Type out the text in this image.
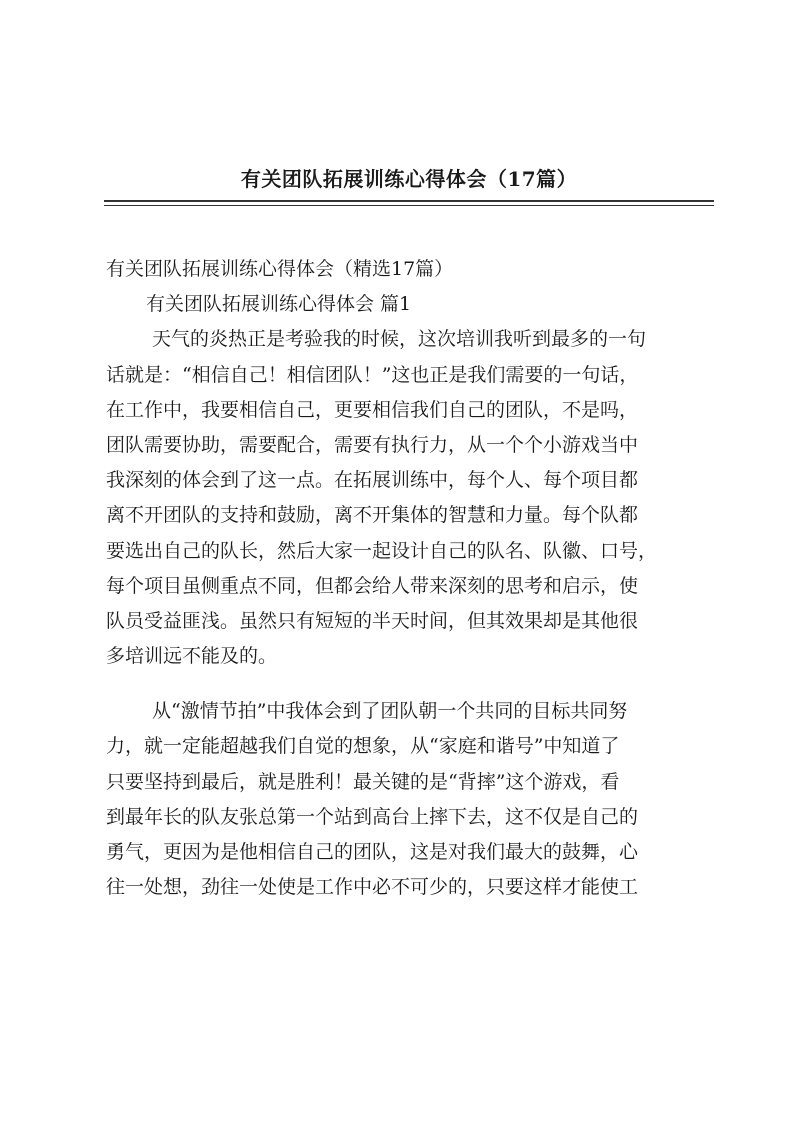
有关团队拓展训练心得体会（17篇）
有关团队拓展训练心得体会（精选17篇）
有关团队拓展训练心得体会 篇1
天气的炎热正是考验我的时候，这次培训我听到最多的一句
话就是：“相信自己！相信团队！”这也正是我们需要的一句话，
在工作中，我要相信自己，更要相信我们自己的团队，不是吗，
团队需要协助，需要配合，需要有执行力，从一个个小游戏当中
我深刻的体会到了这一点。在拓展训练中，每个人、每个项目都
离不开团队的支持和鼓励，离不开集体的智慧和力量。每个队都
要选出自己的队长，然后大家一起设计自己的队名、队徽、口号，
每个项目虽侧重点不同，但都会给人带来深刻的思考和启示，使
队员受益匪浅。虽然只有短短的半天时间，但其效果却是其他很
多培训远不能及的。
从“激情节拍”中我体会到了团队朝一个共同的目标共同努
力，就一定能超越我们自觉的想象，从“家庭和谐号”中知道了
只要坚持到最后，就是胜利！最关键的是“背摔”这个游戏，看
到最年长的队友张总第一个站到高台上摔下去，这不仅是自己的
勇气，更因为是他相信自己的团队，这是对我们最大的鼓舞，心
往一处想，劲往一处使是工作中必不可少的，只要这样才能使工
